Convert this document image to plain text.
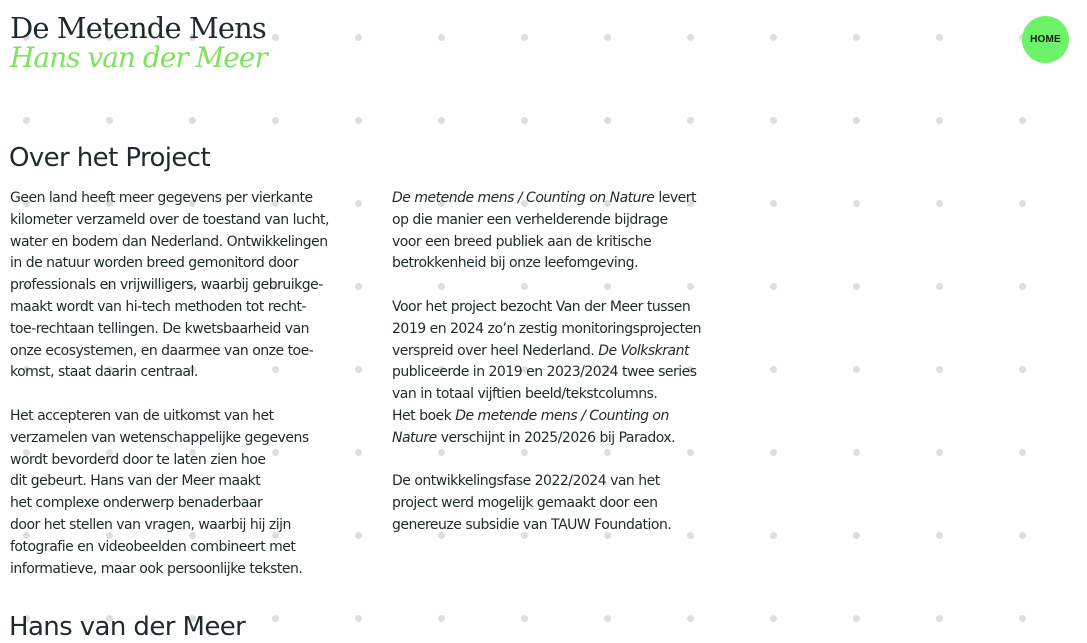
De Metende Mens
Hans van der Meer
HOME
Over het Project
Geen land heeft meer gegevens per vierkante
kilometer verzameld over de toestand van lucht,
water en bodem dan Nederland. Ontwikkelingen
in de natuur worden breed gemonitord door
professionals en vrijwilligers, waarbij gebruikge-
maakt wordt van hi-tech methoden tot recht-
toe-rechtaan tellingen. De kwetsbaarheid van
onze ecosystemen, en daarmee van onze toe-
komst, staat daarin centraal.
Het accepteren van de uitkomst van het
verzamelen van wetenschappelijke gegevens
wordt bevorderd door te laten zien hoe
dit gebeurt. Hans van der Meer maakt
het complexe onderwerp benaderbaar
door het stellen van vragen, waarbij hij zijn
fotografie en videobeelden combineert met
informatieve, maar ook persoonlijke teksten.
De metende mens / Counting on Nature levert
op die manier een verhelderende bijdrage
voor een breed publiek aan de kritische
betrokkenheid bij onze leefomgeving.
Voor het project bezocht Van der Meer tussen
2019 en 2024 zo’n zestig monitoringsprojecten
verspreid over heel Nederland. De Volkskrant
publiceerde in 2019 en 2023/2024 twee series
van in totaal vijftien beeld/tekstcolumns.
Het boek De metende mens / Counting on
Nature verschijnt in 2025/2026 bij Paradox.
De ontwikkelingsfase 2022/2024 van het
project werd mogelijk gemaakt door een
genereuze subsidie van TAUW Foundation.
Hans van der Meer
